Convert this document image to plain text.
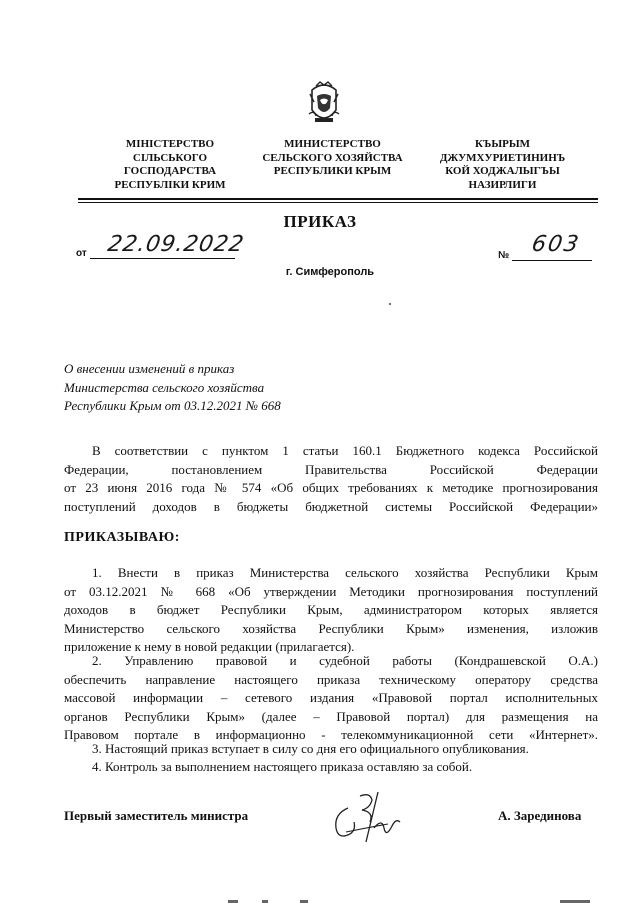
МІНІСТЕРСТВО
СІЛЬСЬКОГО
ГОСПОДАРСТВА
РЕСПУБЛІКИ КРИМ
МИНИСТЕРСТВО
СЕЛЬСКОГО ХОЗЯЙСТВА
РЕСПУБЛИКИ КРЫМ
КЪЫРЫМ
ДЖУМХУРИЕТИНИНЪ
КОЙ ХОДЖАЛЫГЪЫ
НАЗИРЛИГИ
ПРИКАЗ
от 22.09.2022	№ 603
г. Симферополь
О внесении изменений в приказ
Министерства сельского хозяйства
Республики Крым от 03.12.2021 № 668
В соответствии с пунктом 1 статьи 160.1 Бюджетного кодекса Российской
Федерации, постановлением Правительства Российской Федерации
от 23 июня 2016 года № 574 «Об общих требованиях к методике прогнозирования
поступлений доходов в бюджеты бюджетной системы Российской Федерации»
ПРИКАЗЫВАЮ:
1. Внести в приказ Министерства сельского хозяйства Республики Крым
от 03.12.2021 № 668 «Об утверждении Методики прогнозирования поступлений
доходов в бюджет Республики Крым, администратором которых является
Министерство сельского хозяйства Республики Крым» изменения, изложив
приложение к нему в новой редакции (прилагается).
2. Управлению правовой и судебной работы (Кондрашевской О.А.)
обеспечить направление настоящего приказа техническому оператору средства
массовой информации – сетевого издания «Правовой портал исполнительных
органов Республики Крым» (далее – Правовой портал) для размещения на
Правовом портале в информационно - телекоммуникационной сети «Интернет».
3. Настоящий приказ вступает в силу со дня его официального опубликования.
4. Контроль за выполнением настоящего приказа оставляю за собой.
Первый заместитель министра	А. Зарединова
